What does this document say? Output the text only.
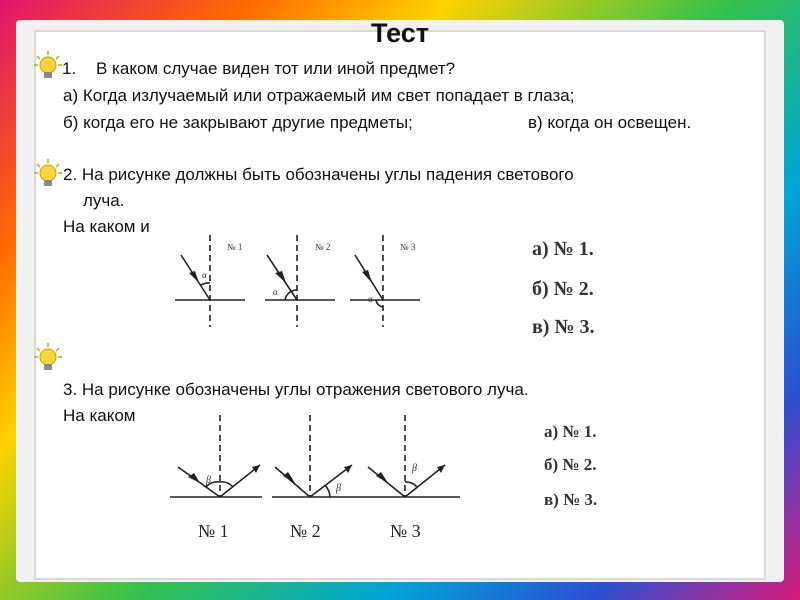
Тест
1. В каком случае виден тот или иной предмет?
а) Когда излучаемый или отражаемый им свет попадает в глаза;
б) когда его не закрывают другие предметы;	в) когда он освещен.
2. На рисунке должны быть обозначены углы падения светового
луча.
На каком и
№ 1	№ 2	№ 3
α
α
α
а) № 1.
б) № 2.
в) № 3.
3. На рисунке обозначены углы отражения светового луча.
На каком
β
β
β
№ 1	№ 2	№ 3
а) № 1.
б) № 2.
в) № 3.
